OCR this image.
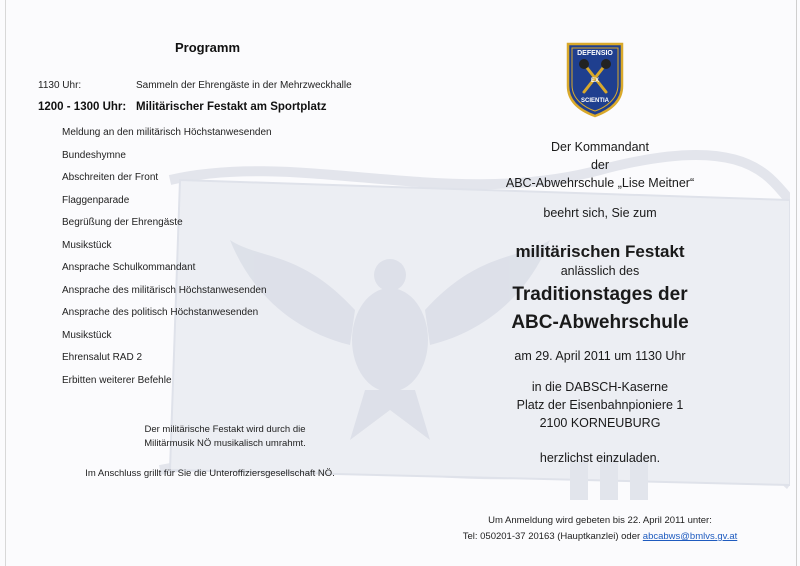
Programm
1130 Uhr:	Sammeln der Ehrengäste in der Mehrzweckhalle
1200 - 1300 Uhr: Militärischer Festakt am Sportplatz
Meldung an den militärisch Höchstanwesenden
Bundeshymne
Abschreiten der Front
Flaggenparade
Begrüßung der Ehrengäste
Musikstück
Ansprache Schulkommandant
Ansprache des militärisch Höchstanwesenden
Ansprache des politisch Höchstanwesenden
Musikstück
Ehrensalut RAD 2
Erbitten weiterer Befehle
Der militärische Festakt wird durch die
Militärmusik NÖ musikalisch umrahmt.
Im Anschluss grillt für Sie die Unteroffiziersgesellschaft NÖ.
DEFENSIO
EX
SCIENTIA
Der Kommandant
der
ABC-Abwehrschule „Lise Meitner“
beehrt sich, Sie zum
militärischen Festakt
anlässlich des
Traditionstages der
ABC-Abwehrschule
am 29. April 2011 um 1130 Uhr
in die DABSCH-Kaserne
Platz der Eisenbahnpioniere 1
2100 KORNEUBURG
herzlichst einzuladen.
Um Anmeldung wird gebeten bis 22. April 2011 unter:
Tel: 050201-37 20163 (Hauptkanzlei) oder abcabws@bmlvs.gv.at
